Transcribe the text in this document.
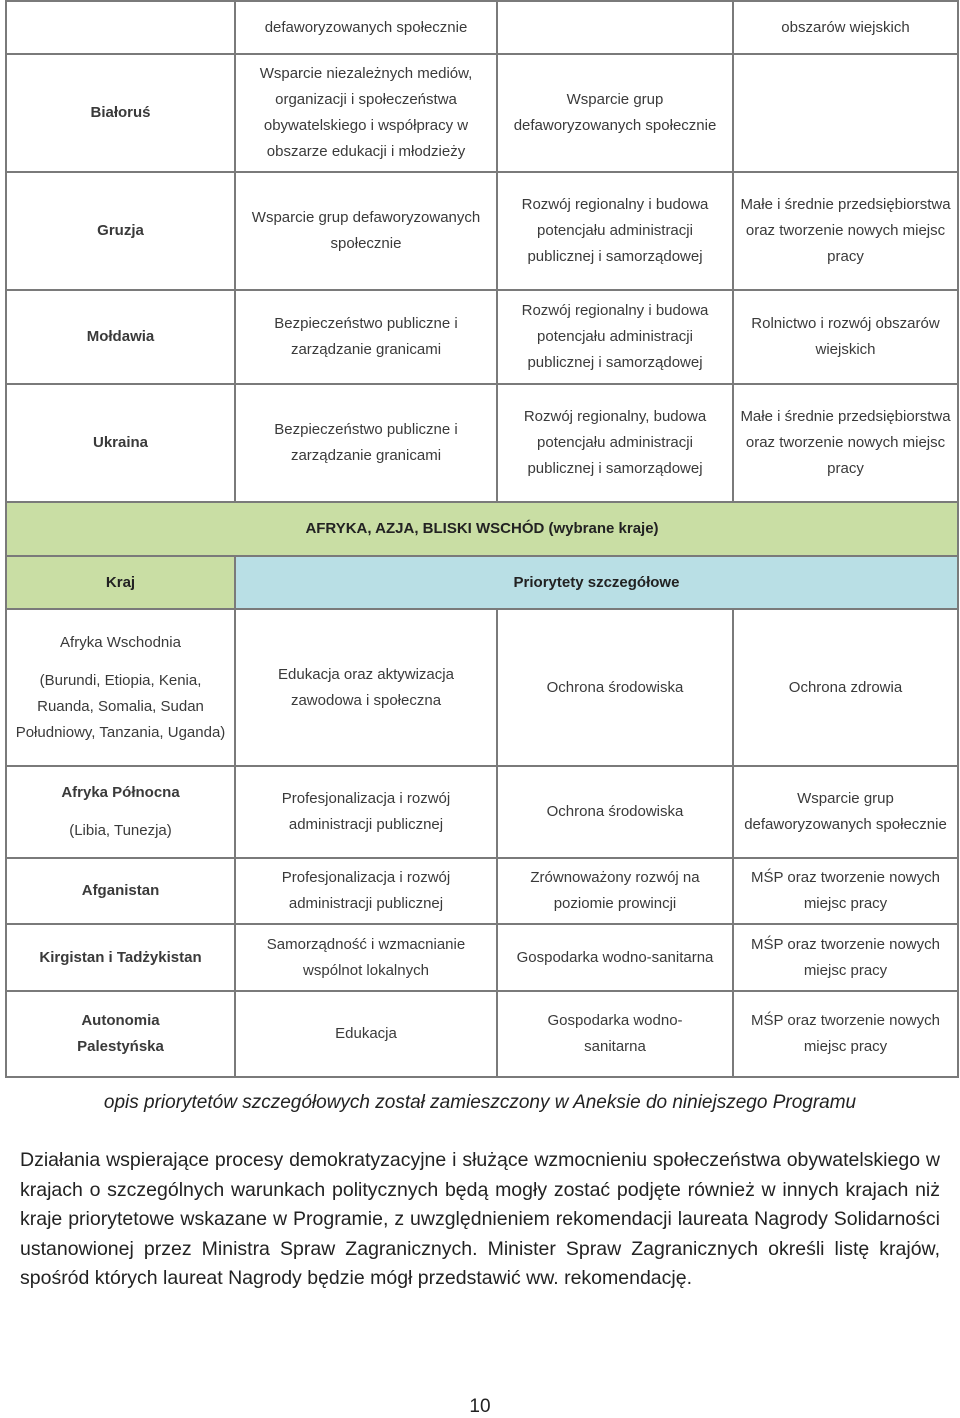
	defaworyzowanych społecznie		obszarów wiejskich
Białoruś	Wsparcie niezależnych mediów, organizacji i społeczeństwa obywatelskiego i współpracy w obszarze edukacji i młodzieży	Wsparcie grup defaworyzowanych społecznie	
Gruzja	Wsparcie grup defaworyzowanych społecznie	Rozwój regionalny i budowa potencjału administracji publicznej i samorządowej	Małe i średnie przedsiębiorstwa oraz tworzenie nowych miejsc pracy
Mołdawia	Bezpieczeństwo publiczne i zarządzanie granicami	Rozwój regionalny i budowa potencjału administracji publicznej i samorządowej	Rolnictwo i rozwój obszarów wiejskich
Ukraina	Bezpieczeństwo publiczne i zarządzanie granicami	Rozwój regionalny, budowa potencjału administracji publicznej i samorządowej	Małe i średnie przedsiębiorstwa oraz tworzenie nowych miejsc pracy
AFRYKA, AZJA, BLISKI WSCHÓD (wybrane kraje)			
Kraj	Priorytety szczegółowe		

Afryka Wschodnia
(Burundi, Etiopia, Kenia, Ruanda, Somalia, Sudan Południowy, Tanzania, Uganda)	Edukacja oraz aktywizacja zawodowa i społeczna	Ochrona środowiska	Ochrona zdrowia

Afryka Północna
(Libia, Tunezja)	Profesjonalizacja i rozwój administracji publicznej	Ochrona środowiska	Wsparcie grup defaworyzowanych społecznie
Afganistan	Profesjonalizacja i rozwój administracji publicznej	Zrównoważony rozwój na poziomie prowincji	MŚP oraz tworzenie nowych miejsc pracy
Kirgistan i Tadżykistan	Samorządność i wzmacnianie wspólnot lokalnych	Gospodarka wodno-sanitarna	MŚP oraz tworzenie nowych miejsc pracy
Autonomia Palestyńska	Edukacja	Gospodarka wodno-sanitarna	MŚP oraz tworzenie nowych miejsc pracy
opis priorytetów szczegółowych został zamieszczony w Aneksie do niniejszego Programu
Działania wspierające procesy demokratyzacyjne i służące wzmocnieniu społeczeństwa obywatelskiego w krajach o szczególnych warunkach politycznych będą mogły zostać podjęte również w innych krajach niż kraje priorytetowe wskazane w Programie, z uwzględnieniem rekomendacji laureata Nagrody Solidarności ustanowionej przez Ministra Spraw Zagranicznych. Minister Spraw Zagranicznych określi listę krajów, spośród których laureat Nagrody będzie mógł przedstawić ww. rekomendację.
10
